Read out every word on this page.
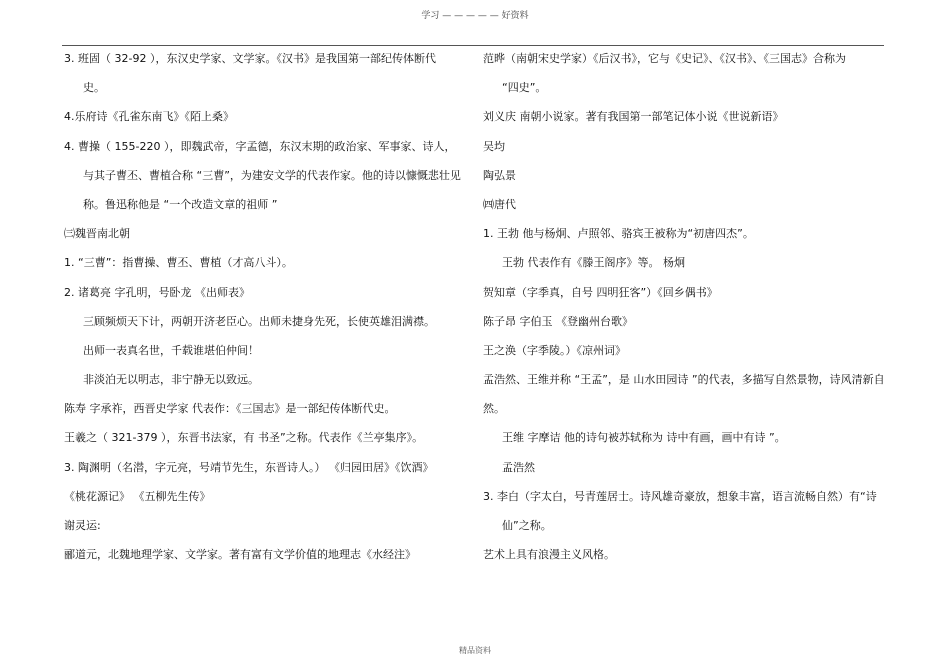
学习 — — — — — 好资料
3. 班固（ 32-92 ），东汉史学家、文学家。《汉书》是我国第一部纪传体断代
史。
4.乐府诗《孔雀东南飞》《陌上桑》
4. 曹操（ 155-220 ），即魏武帝，字孟德，东汉末期的政治家、军事家、诗人，
与其子曹丕、曹植合称 “三曹”，为建安文学的代表作家。他的诗以慷慨悲壮见
称。鲁迅称他是 “一个改造文章的祖师 ”
㈢魏晋南北朝
1. “三曹”：指曹操、曹丕、曹植（才高八斗）。
2. 诸葛亮 字孔明，号卧龙 《出师表》
三顾频烦天下计，两朝开济老臣心。出师未捷身先死，长使英雄泪满襟。
出师一表真名世，千载谁堪伯仲间！
非淡泊无以明志，非宁静无以致远。
陈寿 字承祚，西晋史学家 代表作：《三国志》是一部纪传体断代史。
王羲之（ 321-379 ），东晋书法家，有 书圣”之称。代表作《兰亭集序》。
3. 陶渊明（名潜，字元亮，号靖节先生，东晋诗人。） 《归园田居》《饮酒》
《桃花源记》 《五柳先生传》
谢灵运:
郦道元，北魏地理学家、文学家。著有富有文学价值的地理志《水经注》
范晔（南朝宋史学家）《后汉书》，它与《史记》、《汉书》、《三国志》合称为
“四史”。
刘义庆 南朝小说家。著有我国第一部笔记体小说《世说新语》
吴均
陶弘景
㈣唐代
1. 王勃 他与杨炯、卢照邻、骆宾王被称为“初唐四杰”。
王勃 代表作有《滕王阁序》等。 杨炯
贺知章（字季真，自号 四明狂客”）《回乡偶书》
陈子昂 字伯玉 《登幽州台歌》
王之涣（字季陵。）《凉州词》
孟浩然、王维并称 “王孟”，是 山水田园诗 ”的代表，多描写自然景物，诗风清新自
然。
王维 字摩诘 他的诗句被苏轼称为 诗中有画，画中有诗 ”。
孟浩然
3. 李白（字太白，号青莲居士。诗风雄奇豪放，想象丰富，语言流畅自然）有“诗
仙”之称。
艺术上具有浪漫主义风格。
精品资料
